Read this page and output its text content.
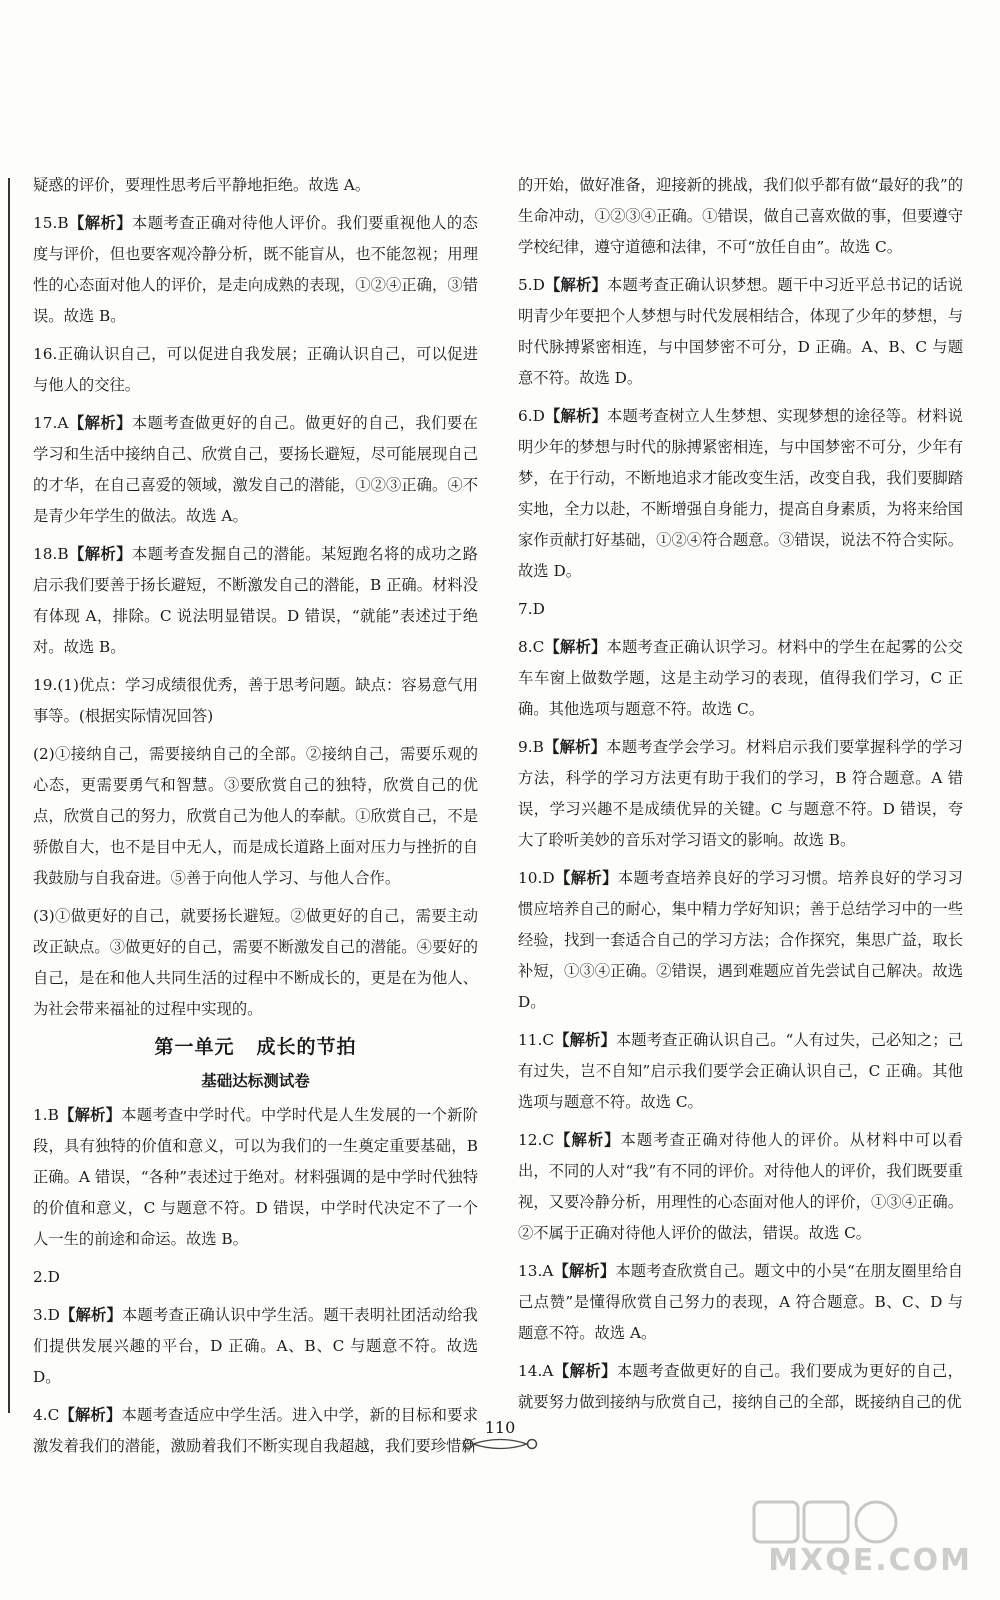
疑惑的评价，要理性思考后平静地拒绝。故选 A。
15.B【解析】本题考查正确对待他人评价。我们要重视他人的态度与评价，但也要客观冷静分析，既不能盲从，也不能忽视；用理性的心态面对他人的评价，是走向成熟的表现，①②④正确，③错误。故选 B。
16.正确认识自己，可以促进自我发展；正确认识自己，可以促进与他人的交往。
17.A【解析】本题考查做更好的自己。做更好的自己，我们要在学习和生活中接纳自己、欣赏自己，要扬长避短，尽可能展现自己的才华，在自己喜爱的领域，激发自己的潜能，①②③正确。④不是青少年学生的做法。故选 A。
18.B【解析】本题考查发掘自己的潜能。某短跑名将的成功之路启示我们要善于扬长避短，不断激发自己的潜能，B 正确。材料没有体现 A，排除。C 说法明显错误。D 错误，“就能”表述过于绝对。故选 B。
19.(1)优点：学习成绩很优秀，善于思考问题。缺点：容易意气用事等。(根据实际情况回答)
(2)①接纳自己，需要接纳自己的全部。②接纳自己，需要乐观的心态，更需要勇气和智慧。③要欣赏自己的独特，欣赏自己的优点，欣赏自己的努力，欣赏自己为他人的奉献。①欣赏自己，不是骄傲自大，也不是目中无人，而是成长道路上面对压力与挫折的自我鼓励与自我奋进。⑤善于向他人学习、与他人合作。
(3)①做更好的自己，就要扬长避短。②做更好的自己，需要主动改正缺点。③做更好的自己，需要不断激发自己的潜能。④要好的自己，是在和他人共同生活的过程中不断成长的，更是在为他人、为社会带来福祉的过程中实现的。
第一单元 成长的节拍
基础达标测试卷
1.B【解析】本题考查中学时代。中学时代是人生发展的一个新阶段，具有独特的价值和意义，可以为我们的一生奠定重要基础，B 正确。A 错误，“各种”表述过于绝对。材料强调的是中学时代独特的价值和意义，C 与题意不符。D 错误，中学时代决定不了一个人一生的前途和命运。故选 B。
2.D
3.D【解析】本题考查正确认识中学生活。题干表明社团活动给我们提供发展兴趣的平台，D 正确。A、B、C 与题意不符。故选 D。
4.C【解析】本题考查适应中学生活。进入中学，新的目标和要求激发着我们的潜能，激励着我们不断实现自我超越，我们要珍惜新
的开始，做好准备，迎接新的挑战，我们似乎都有做“最好的我”的生命冲动，①②③④正确。①错误，做自己喜欢做的事，但要遵守学校纪律，遵守道德和法律，不可“放任自由”。故选 C。
5.D【解析】本题考查正确认识梦想。题干中习近平总书记的话说明青少年要把个人梦想与时代发展相结合，体现了少年的梦想，与时代脉搏紧密相连，与中国梦密不可分，D 正确。A、B、C 与题意不符。故选 D。
6.D【解析】本题考查树立人生梦想、实现梦想的途径等。材料说明少年的梦想与时代的脉搏紧密相连，与中国梦密不可分，少年有梦，在于行动，不断地追求才能改变生活，改变自我，我们要脚踏实地，全力以赴，不断增强自身能力，提高自身素质，为将来给国家作贡献打好基础，①②④符合题意。③错误，说法不符合实际。故选 D。
7.D
8.C【解析】本题考查正确认识学习。材料中的学生在起雾的公交车车窗上做数学题，这是主动学习的表现，值得我们学习，C 正确。其他选项与题意不符。故选 C。
9.B【解析】本题考查学会学习。材料启示我们要掌握科学的学习方法，科学的学习方法更有助于我们的学习，B 符合题意。A 错误，学习兴趣不是成绩优异的关键。C 与题意不符。D 错误，夸大了聆听美妙的音乐对学习语文的影响。故选 B。
10.D【解析】本题考查培养良好的学习习惯。培养良好的学习习惯应培养自己的耐心，集中精力学好知识；善于总结学习中的一些经验，找到一套适合自己的学习方法；合作探究，集思广益，取长补短，①③④正确。②错误，遇到难题应首先尝试自己解决。故选 D。
11.C【解析】本题考查正确认识自己。“人有过失，己必知之；己有过失，岂不自知”启示我们要学会正确认识自己，C 正确。其他选项与题意不符。故选 C。
12.C【解析】本题考查正确对待他人的评价。从材料中可以看出，不同的人对“我”有不同的评价。对待他人的评价，我们既要重视，又要冷静分析，用理性的心态面对他人的评价，①③④正确。②不属于正确对待他人评价的做法，错误。故选 C。
13.A【解析】本题考查欣赏自己。题文中的小吴“在朋友圈里给自己点赞”是懂得欣赏自己努力的表现，A 符合题意。B、C、D 与题意不符。故选 A。
14.A【解析】本题考查做更好的自己。我们要成为更好的自己，就要努力做到接纳与欣赏自己，接纳自己的全部，既接纳自己的优
110
MXQE.COM
